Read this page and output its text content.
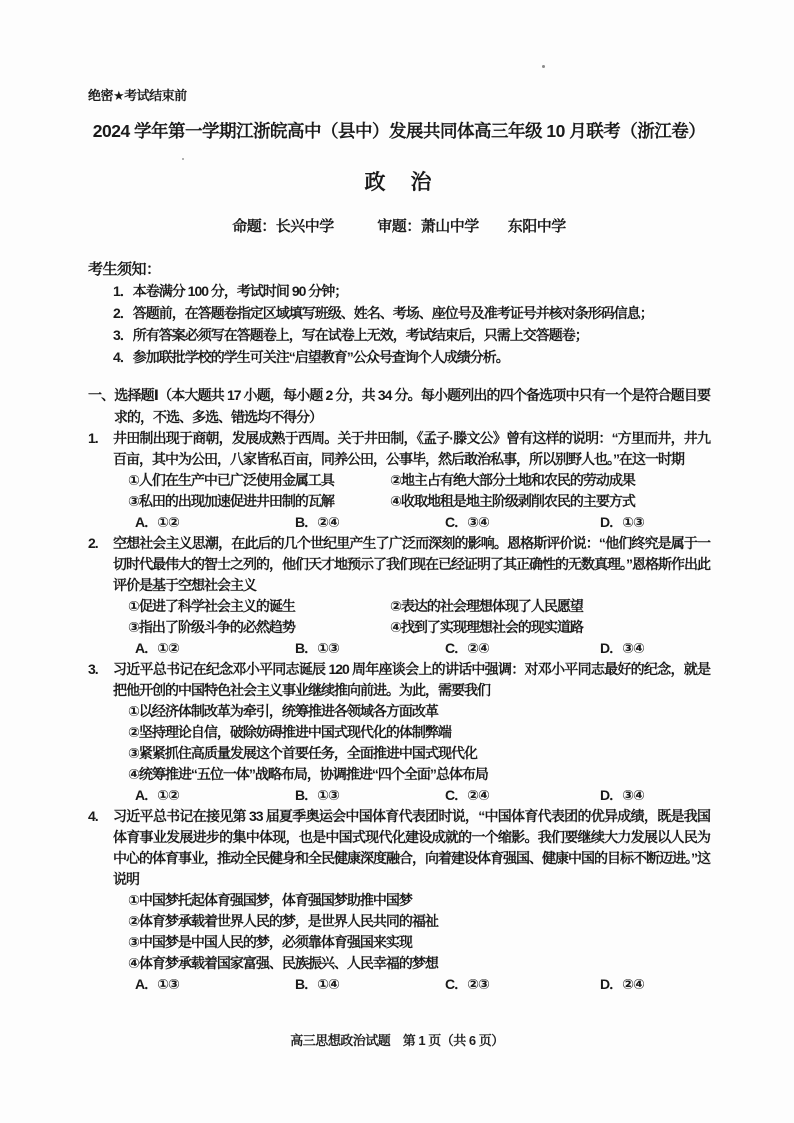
绝密★考试结束前
2024 学年第一学期江浙皖高中（县中）发展共同体高三年级 10 月联考（浙江卷）
政　治
命题：长兴中学　　　审题：萧山中学　　东阳中学
考生须知：
1．本卷满分 100 分，考试时间 90 分钟；
2．答题前，在答题卷指定区域填写班级、姓名、考场、座位号及准考证号并核对条形码信息；
3．所有答案必须写在答题卷上，写在试卷上无效，考试结束后，只需上交答题卷；
4．参加联批学校的学生可关注“启望教育”公众号查询个人成绩分析。
一、选择题Ⅰ（本大题共 17 小题，每小题 2 分，共 34 分。每小题列出的四个备选项中只有一个是符合题目要求的，不选、多选、错选均不得分）
1.	井田制出现于商朝，发展成熟于西周。关于井田制，《孟子·滕文公》曾有这样的说明：“方里而井，井九百亩，其中为公田，八家皆私百亩，同养公田，公事毕，然后敢治私事，所以别野人也。”在这一时期
①人们在生产中已广泛使用金属工具	②地主占有绝大部分土地和农民的劳动成果
③私田的出现加速促进井田制的瓦解	④收取地租是地主阶级剥削农民的主要方式
A．①②	B．②④	C．③④	D．①③
2.	空想社会主义思潮，在此后的几个世纪里产生了广泛而深刻的影响。恩格斯评价说：“他们终究是属于一切时代最伟大的智士之列的，他们天才地预示了我们现在已经证明了其正确性的无数真理。”恩格斯作出此评价是基于空想社会主义
①促进了科学社会主义的诞生	②表达的社会理想体现了人民愿望
③指出了阶级斗争的必然趋势	④找到了实现理想社会的现实道路
A．①②	B．①③	C．②④	D．③④
3.	习近平总书记在纪念邓小平同志诞辰 120 周年座谈会上的讲话中强调：对邓小平同志最好的纪念，就是把他开创的中国特色社会主义事业继续推向前进。为此，需要我们
①以经济体制改革为牵引，统筹推进各领域各方面改革
②坚持理论自信，破除妨碍推进中国式现代化的体制弊端
③紧紧抓住高质量发展这个首要任务，全面推进中国式现代化
④统筹推进“五位一体”战略布局，协调推进“四个全面”总体布局
A．①②	B．①③	C．②④	D．③④
4.	习近平总书记在接见第 33 届夏季奥运会中国体育代表团时说，“中国体育代表团的优异成绩，既是我国体育事业发展进步的集中体现，也是中国式现代化建设成就的一个缩影。我们要继续大力发展以人民为中心的体育事业，推动全民健身和全民健康深度融合，向着建设体育强国、健康中国的目标不断迈进。”这说明
①中国梦托起体育强国梦，体育强国梦助推中国梦
②体育梦承载着世界人民的梦，是世界人民共同的福祉
③中国梦是中国人民的梦，必须靠体育强国来实现
④体育梦承载着国家富强、民族振兴、人民幸福的梦想
A．①③	B．①④	C．②③	D．②④
高三思想政治试题　第 1 页（共 6 页）
